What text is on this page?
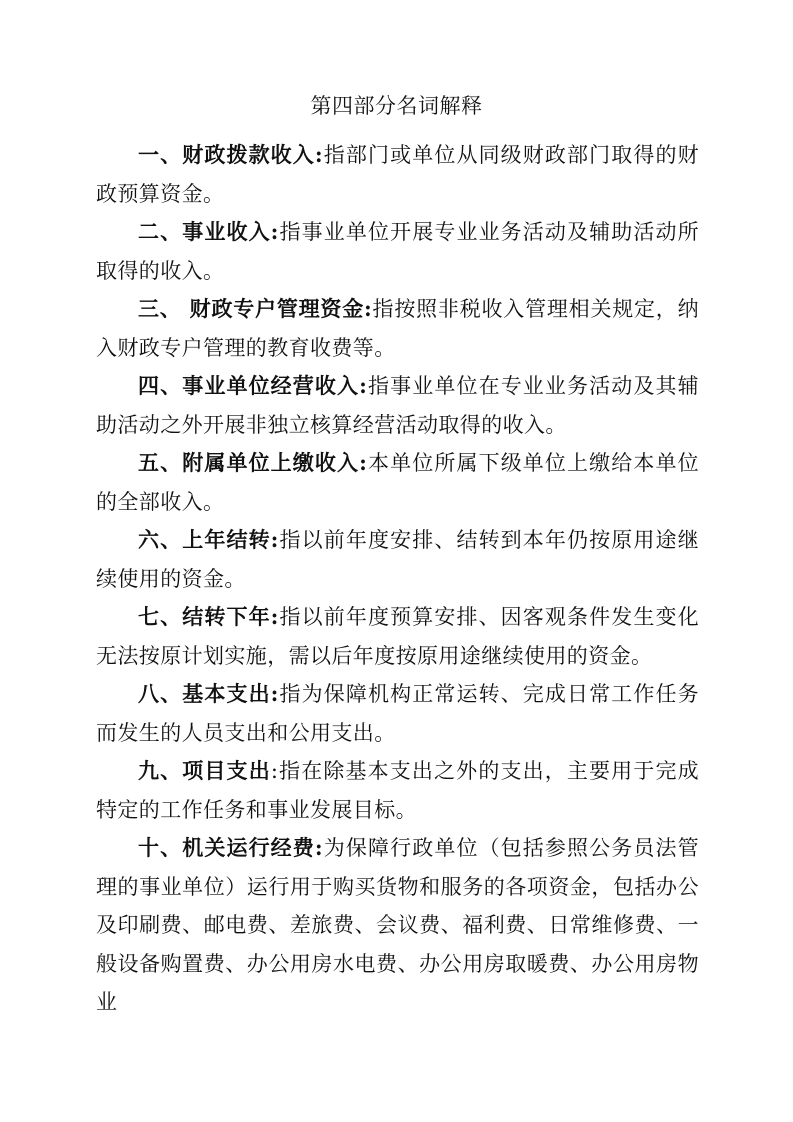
第四部分名词解释

一、财政拨款收入:指部门或单位从同级财政部门取得的财政预算资金。

二、事业收入:指事业单位开展专业业务活动及辅助活动所取得的收入。

三、 财政专户管理资金:指按照非税收入管理相关规定，纳入财政专户管理的教育收费等。

四、事业单位经营收入:指事业单位在专业业务活动及其辅助活动之外开展非独立核算经营活动取得的收入。

五、附属单位上缴收入:本单位所属下级单位上缴给本单位的全部收入。

六、上年结转:指以前年度安排、结转到本年仍按原用途继续使用的资金。

七、结转下年:指以前年度预算安排、因客观条件发生变化无法按原计划实施，需以后年度按原用途继续使用的资金。

八、基本支出:指为保障机构正常运转、完成日常工作任务而发生的人员支出和公用支出。

九、项目支出:指在除基本支出之外的支出，主要用于完成特定的工作任务和事业发展目标。

十、机关运行经费:为保障行政单位（包括参照公务员法管理的事业单位）运行用于购买货物和服务的各项资金，包括办公及印刷费、邮电费、差旅费、会议费、福利费、日常维修费、一般设备购置费、办公用房水电费、办公用房取暖费、办公用房物业
